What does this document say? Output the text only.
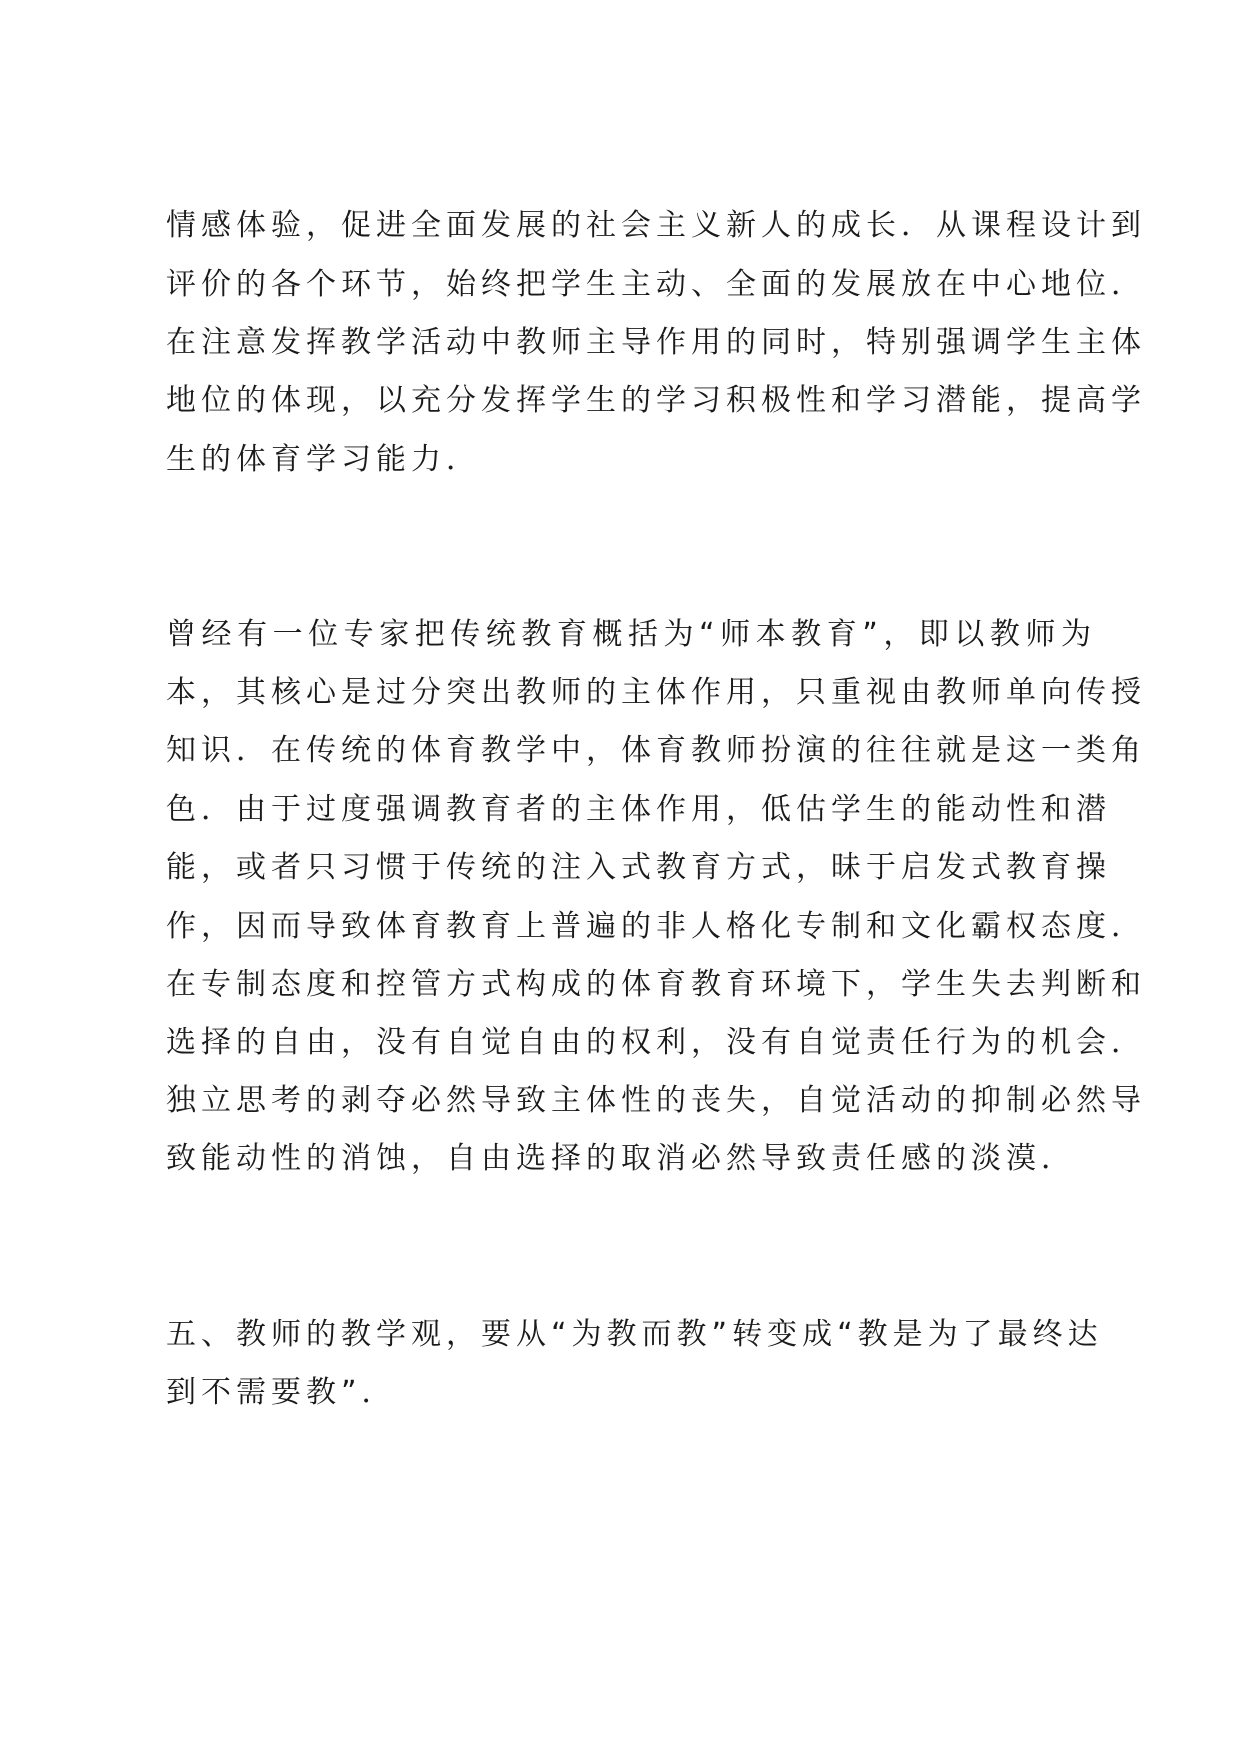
情感体验，促进全面发展的社会主义新人的成长．从课程设计到

评价的各个环节，始终把学生主动、全面的发展放在中心地位．

在注意发挥教学活动中教师主导作用的同时，特别强调学生主体

地位的体现，以充分发挥学生的学习积极性和学习潜能，提高学

生的体育学习能力．

曾经有一位专家把传统教育概括为“师本教育”，即以教师为

本，其核心是过分突出教师的主体作用，只重视由教师单向传授

知识．在传统的体育教学中，体育教师扮演的往往就是这一类角

色．由于过度强调教育者的主体作用，低估学生的能动性和潜

能，或者只习惯于传统的注入式教育方式，昧于启发式教育操

作，因而导致体育教育上普遍的非人格化专制和文化霸权态度．

在专制态度和控管方式构成的体育教育环境下，学生失去判断和

选择的自由，没有自觉自由的权利，没有自觉责任行为的机会．

独立思考的剥夺必然导致主体性的丧失，自觉活动的抑制必然导

致能动性的消蚀，自由选择的取消必然导致责任感的淡漠．

五、教师的教学观，要从“为教而教”转变成“教是为了最终达

到不需要教”．
